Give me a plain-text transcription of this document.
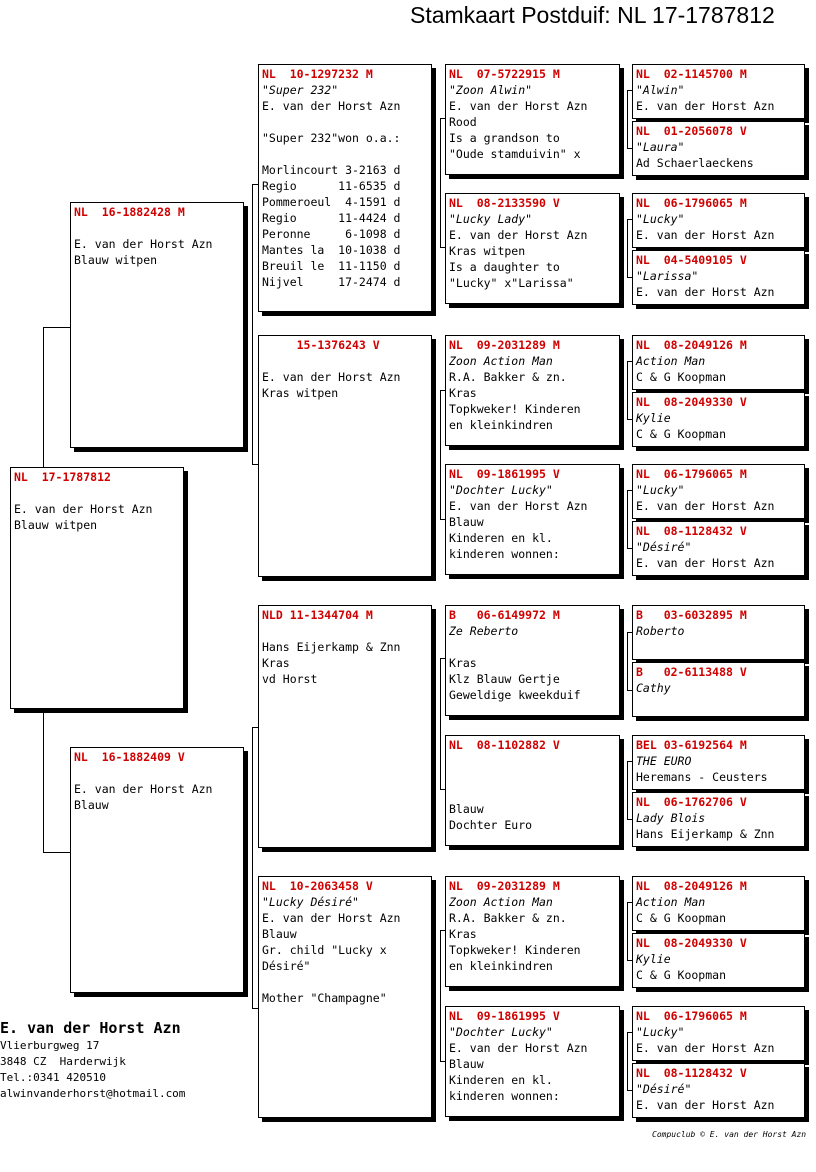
Stamkaart Postduif: NL 17-1787812
NL  17-1787812
E. van der Horst Azn
Blauw witpen
NL  16-1882428 M
E. van der Horst Azn
Blauw witpen
NL  16-1882409 V
E. van der Horst Azn
Blauw
NL  10-1297232 M
"Super 232"
E. van der Horst Azn
"Super 232"won o.a.:
Morlincourt 3-2163 d
Regio      11-6535 d
Pommeroeul  4-1591 d
Regio      11-4424 d
Peronne     6-1098 d
Mantes la  10-1038 d
Breuil le  11-1150 d
Nijvel     17-2474 d
15-1376243 V
E. van der Horst Azn
Kras witpen
NLD 11-1344704 M
Hans Eijerkamp & Znn
Kras
vd Horst
NL  10-2063458 V
"Lucky Désiré"
E. van der Horst Azn
Blauw
Gr. child "Lucky x
Désiré"
Mother "Champagne"
NL  07-5722915 M
"Zoon Alwin"
E. van der Horst Azn
Rood
Is a grandson to
"Oude stamduivin" x
NL  08-2133590 V
"Lucky Lady"
E. van der Horst Azn
Kras witpen
Is a daughter to
"Lucky" x"Larissa"
NL  09-2031289 M
Zoon Action Man
R.A. Bakker & zn.
Kras
Topkweker! Kinderen
en kleinkindren
NL  09-1861995 V
"Dochter Lucky"
E. van der Horst Azn
Blauw
Kinderen en kl.
kinderen wonnen:
B   06-6149972 M
Ze Reberto
Kras
Klz Blauw Gertje
Geweldige kweekduif
NL  08-1102882 V
Blauw
Dochter Euro
NL  09-2031289 M
Zoon Action Man
R.A. Bakker & zn.
Kras
Topkweker! Kinderen
en kleinkindren
NL  09-1861995 V
"Dochter Lucky"
E. van der Horst Azn
Blauw
Kinderen en kl.
kinderen wonnen:
NL  02-1145700 M
"Alwin"
E. van der Horst Azn
NL  01-2056078 V
"Laura"
Ad Schaerlaeckens
NL  06-1796065 M
"Lucky"
E. van der Horst Azn
NL  04-5409105 V
"Larissa"
E. van der Horst Azn
NL  08-2049126 M
Action Man
C & G Koopman
NL  08-2049330 V
Kylie
C & G Koopman
NL  06-1796065 M
"Lucky"
E. van der Horst Azn
NL  08-1128432 V
"Désiré"
E. van der Horst Azn
B   03-6032895 M
Roberto
B   02-6113488 V
Cathy
BEL 03-6192564 M
THE EURO
Heremans - Ceusters
NL  06-1762706 V
Lady Blois
Hans Eijerkamp & Znn
NL  08-2049126 M
Action Man
C & G Koopman
NL  08-2049330 V
Kylie
C & G Koopman
NL  06-1796065 M
"Lucky"
E. van der Horst Azn
NL  08-1128432 V
"Désiré"
E. van der Horst Azn
E. van der Horst Azn
Vlierburgweg 17
3848 CZ  Harderwijk
Tel.:0341 420510
alwinvanderhorst@hotmail.com
Compuclub © E. van der Horst Azn
